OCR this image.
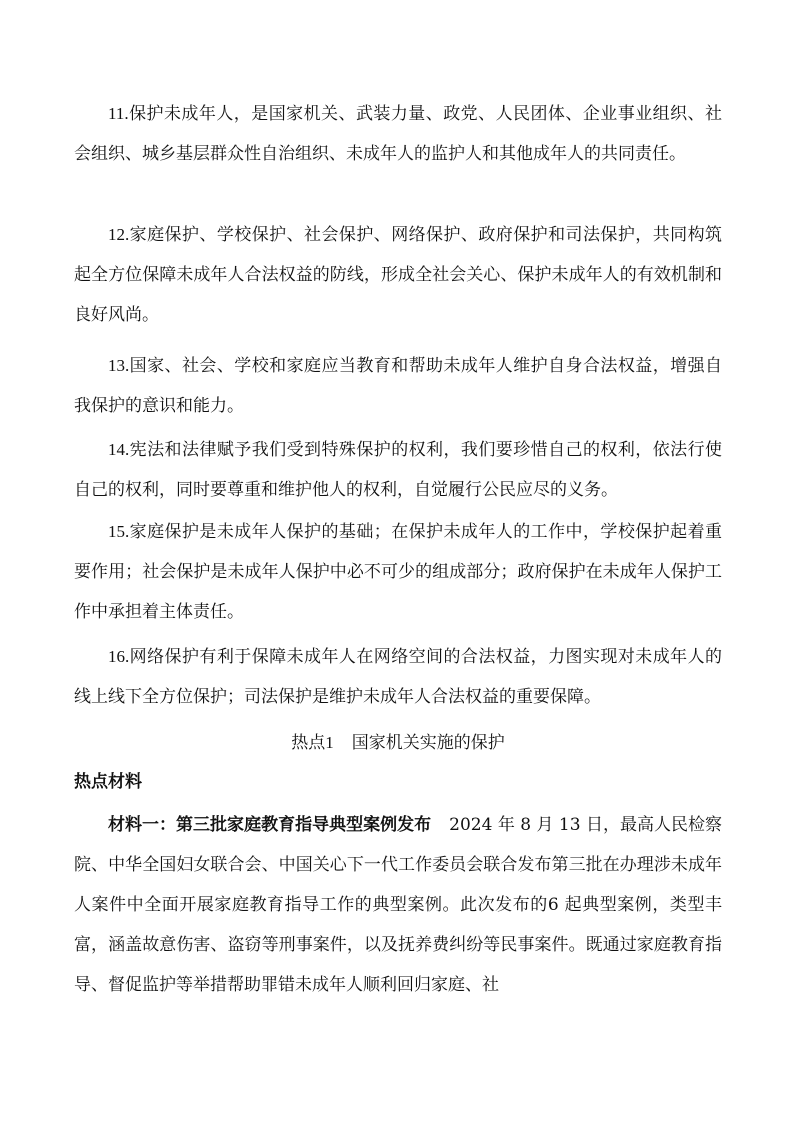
11.保护未成年人，是国家机关、武装力量、政党、人民团体、企业事业组织、社会组织、城乡基层群众性自治组织、未成年人的监护人和其他成年人的共同责任。

12.家庭保护、学校保护、社会保护、网络保护、政府保护和司法保护，共同构筑起全方位保障未成年人合法权益的防线，形成全社会关心、保护未成年人的有效机制和良好风尚。

13.国家、社会、学校和家庭应当教育和帮助未成年人维护自身合法权益，增强自我保护的意识和能力。

14.宪法和法律赋予我们受到特殊保护的权利，我们要珍惜自己的权利，依法行使自己的权利，同时要尊重和维护他人的权利，自觉履行公民应尽的义务。

15.家庭保护是未成年人保护的基础；在保护未成年人的工作中，学校保护起着重要作用；社会保护是未成年人保护中必不可少的组成部分；政府保护在未成年人保护工作中承担着主体责任。

16.网络保护有利于保障未成年人在网络空间的合法权益，力图实现对未成年人的线上线下全方位保护；司法保护是维护未成年人合法权益的重要保障。

热点1 国家机关实施的保护

热点材料

材料一：第三批家庭教育指导典型案例发布 2024 年 8 月 13 日，最高人民检察院、中华全国妇女联合会、中国关心下一代工作委员会联合发布第三批在办理涉未成年人案件中全面开展家庭教育指导工作的典型案例。此次发布的6 起典型案例，类型丰富，涵盖故意伤害、盗窃等刑事案件，以及抚养费纠纷等民事案件。既通过家庭教育指导、督促监护等举措帮助罪错未成年人顺利回归家庭、社
